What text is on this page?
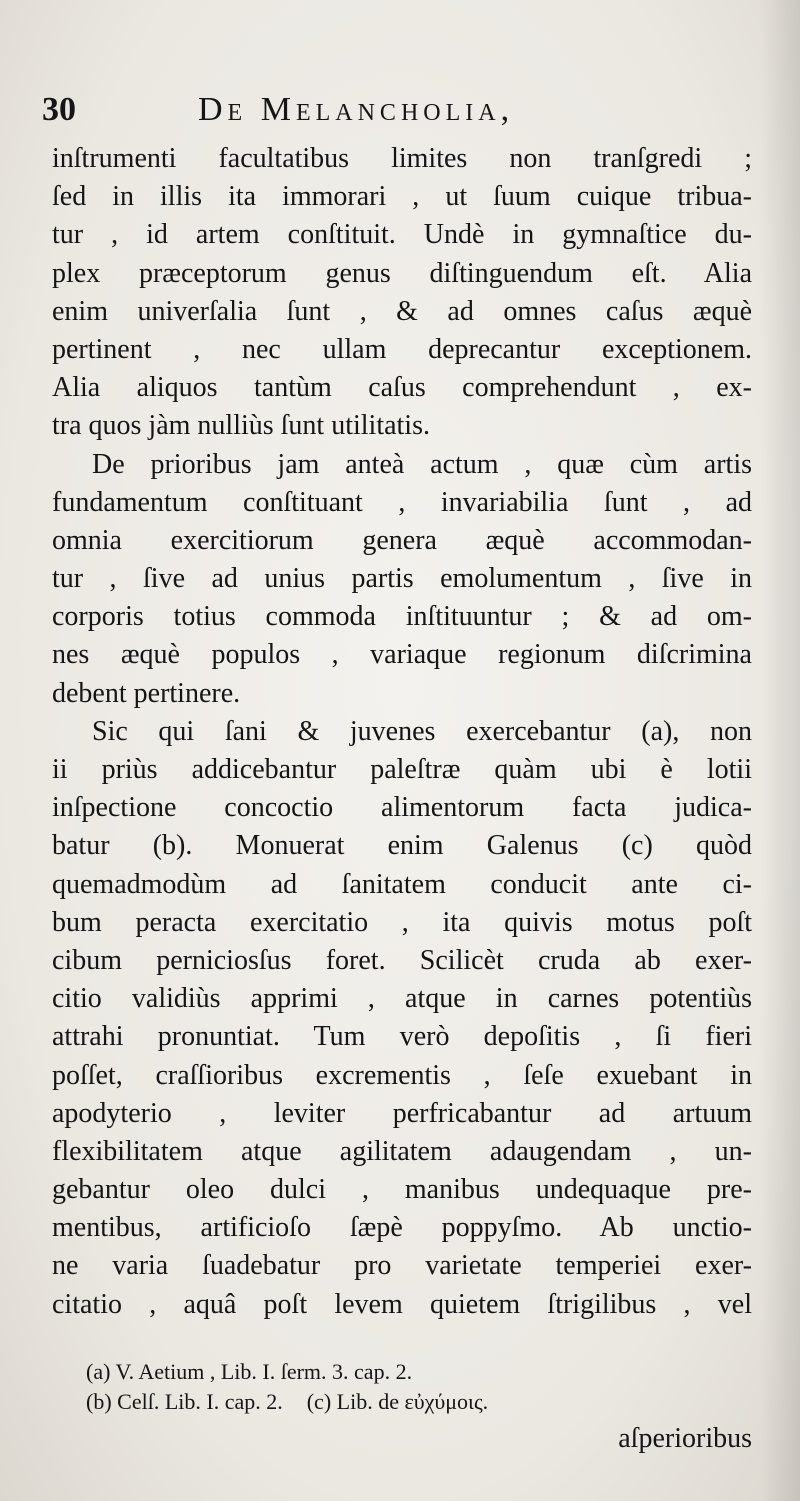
30	De Melancholia,
inſtrumenti facultatibus limites non tranſgredi ;
ſed in illis ita immorari , ut ſuum cuique tribua-
tur , id artem conſtituit. Undè in gymnaſtice du-
plex præceptorum genus diſtinguendum eſt. Alia
enim univerſalia ſunt , & ad omnes caſus æquè
pertinent , nec ullam deprecantur exceptionem.
Alia aliquos tantùm caſus comprehendunt , ex-
tra quos jàm nulliùs ſunt utilitatis.
De prioribus jam anteà actum , quæ cùm artis
fundamentum conſtituant , invariabilia ſunt , ad
omnia exercitiorum genera æquè accommodan-
tur , ſive ad unius partis emolumentum , ſive in
corporis totius commoda inſtituuntur ; & ad om-
nes æquè populos , variaque regionum diſcrimina
debent pertinere.
Sic qui ſani & juvenes exercebantur (a), non
ii priùs addicebantur paleſtræ quàm ubi è lotii
inſpectione concoctio alimentorum facta judica-
batur (b). Monuerat enim Galenus (c) quòd
quemadmodùm ad ſanitatem conducit ante ci-
bum peracta exercitatio , ita quivis motus poſt
cibum perniciosſus foret. Scilicèt cruda ab exer-
citio validiùs apprimi , atque in carnes potentiùs
attrahi pronuntiat. Tum verò depoſitis , ſi fieri
poſſet, craſſioribus excrementis , ſeſe exuebant in
apodyterio , leviter perfricabantur ad artuum
flexibilitatem atque agilitatem adaugendam , un-
gebantur oleo dulci , manibus undequaque pre-
mentibus, artificioſo ſæpè poppyſmo. Ab unctio-
ne varia ſuadebatur pro varietate temperiei exer-
citatio , aquâ poſt levem quietem ſtrigilibus , vel
(a) V. Aetium , Lib. I. ſerm. 3. cap. 2.
(b) Celſ. Lib. I. cap. 2. (c) Lib. de εὐχύμοις.
aſperioribus
